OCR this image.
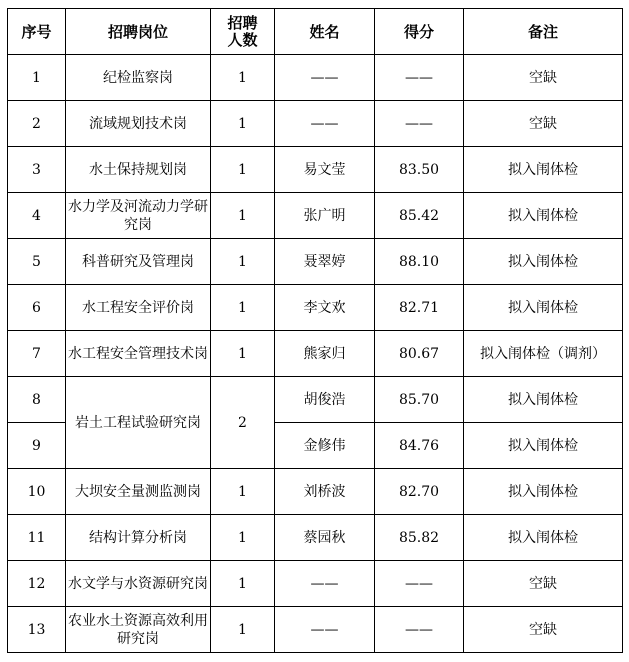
序号	招聘岗位	招聘人数	姓名	得分	备注
1	纪检监察岗	1	——	——	空缺
2	流域规划技术岗	1	——	——	空缺
3	水土保持规划岗	1	易文莹	83.50	拟入闱体检
4	水力学及河流动力学研究岗	1	张广明	85.42	拟入闱体检
5	科普研究及管理岗	1	聂翠婷	88.10	拟入闱体检
6	水工程安全评价岗	1	李文欢	82.71	拟入闱体检
7	水工程安全管理技术岗	1	熊家归	80.67	拟入闱体检（调剂）
8	岩土工程试验研究岗	2	胡俊浩	85.70	拟入闱体检
9			金修伟	84.76	拟入闱体检
10	大坝安全量测监测岗	1	刘桥波	82.70	拟入闱体检
11	结构计算分析岗	1	蔡园秋	85.82	拟入闱体检
12	水文学与水资源研究岗	1	——	——	空缺
13	农业水土资源高效利用研究岗	1	——	——	空缺
